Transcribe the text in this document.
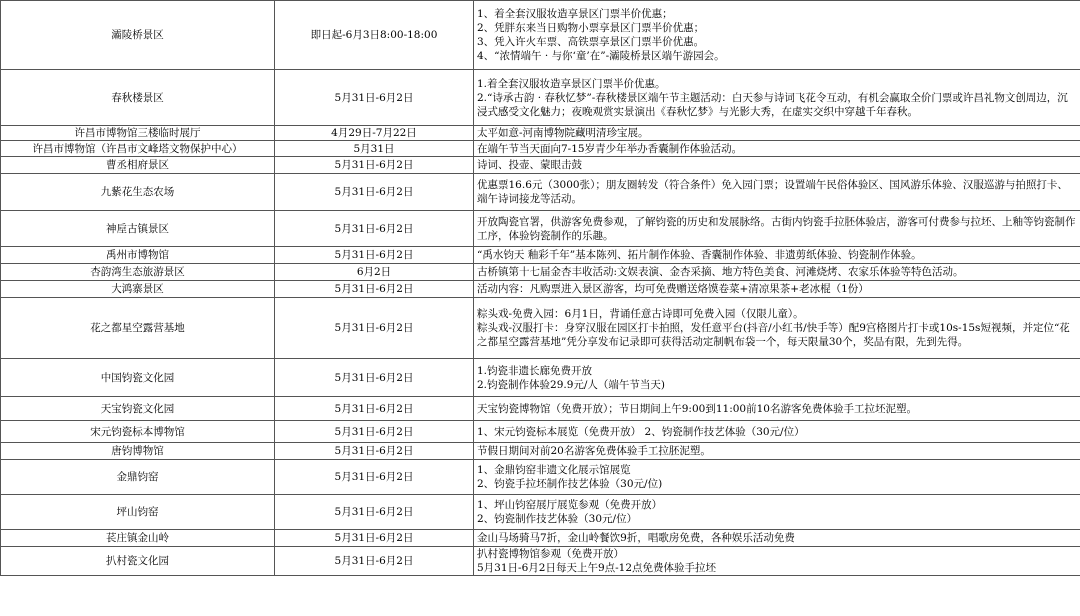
灞陵桥景区	即日起-6月3日8:00-18:00	1、着全套汉服妆造享景区门票半价优惠；
2、凭胖东来当日购物小票享景区门票半价优惠；
3、凭入许火车票、高铁票享景区门票半价优惠。
4、“浓情端午 · 与你‘童’在”-灞陵桥景区端午游园会。

春秋楼景区	5月31日-6月2日	1.着全套汉服妆造享景区门票半价优惠。
2.“诗承古韵 · 春秋忆梦”-春秋楼景区端午节主题活动：白天参与诗词飞花令互动，有机会赢取全价门票或许昌礼物文创周边，沉浸式感受文化魅力；夜晚观赏实景演出《春秋忆梦》与光影大秀，在虚实交织中穿越千年春秋。

许昌市博物馆三楼临时展厅	4月29日-7月22日	太平如意-河南博物院藏明清珍宝展。

许昌市博物馆（许昌市文峰塔文物保护中心）	5月31日	在端午节当天面向7-15岁青少年举办香囊制作体验活动。

曹丞相府景区	5月31日-6月2日	诗词、投壶、蒙眼击鼓

九紫花生态农场	5月31日-6月2日	优惠票16.6元（3000张）；朋友圈转发（符合条件）免入园门票；设置端午民俗体验区、国风游乐体验、汉服巡游与拍照打卡、端午诗词接龙等活动。

神垕古镇景区	5月31日-6月2日	开放陶瓷官署，供游客免费参观，了解钧瓷的历史和发展脉络。古街内钧瓷手拉胚体验店，游客可付费参与拉坯、上釉等钧瓷制作工序，体验钧瓷制作的乐趣。

禹州市博物馆	5月31日-6月2日	“禹水钧天 釉彩千年”基本陈列、拓片制作体验、香囊制作体验、非遗剪纸体验、钧瓷制作体验。

杏韵湾生态旅游景区	6月2日	古桥镇第十七届金杏丰收活动:文娱表演、金杏采摘、地方特色美食、河滩烧烤、农家乐体验等特色活动。

大鸿寨景区	5月31日-6月2日	活动内容：凡购票进入景区游客，均可免费赠送烙馍卷菜+清凉果茶+老冰棍（1份）

花之都星空露营基地	5月31日-6月2日	粽头戏-免费入园：6月1日，背诵任意古诗即可免费入园（仅限儿童）。
粽头戏-汉服打卡：身穿汉服在园区打卡拍照，发任意平台(抖音/小红书/快手等）配9宫格图片打卡或10s-15s短视频，并定位“花之都星空露营基地”凭分享发布记录即可获得活动定制帆布袋一个，每天限量30个，奖品有限，先到先得。

中国钧瓷文化园	5月31日-6月2日	1.钧瓷非遗长廊免费开放
2.钧瓷制作体验29.9元/人（端午节当天)

天宝钧瓷文化园	5月31日-6月2日	天宝钧瓷博物馆（免费开放）；节日期间上午9:00到11:00前10名游客免费体验手工拉坯泥塑。

宋元钧瓷标本博物馆	5月31日-6月2日	1、宋元钧瓷标本展览（免费开放） 2、钧瓷制作技艺体验（30元/位）

唐钧博物馆	5月31日-6月2日	节假日期间对前20名游客免费体验手工拉胚泥塑。

金鼎钧窑	5月31日-6月2日	1、金鼎钧窑非遗文化展示馆展览
2、钧瓷手拉坯制作技艺体验（30元/位)

坪山钧窑	5月31日-6月2日	1、坪山钧窑展厅展览参观（免费开放）
2、钧瓷制作技艺体验（30元/位）

苌庄镇金山岭	5月31日-6月2日	金山马场骑马7折，金山岭餐饮9折，唱歌房免费，各种娱乐活动免费

扒村瓷文化园	5月31日-6月2日	扒村瓷博物馆参观（免费开放）
5月31日-6月2日每天上午9点-12点免费体验手拉坯
